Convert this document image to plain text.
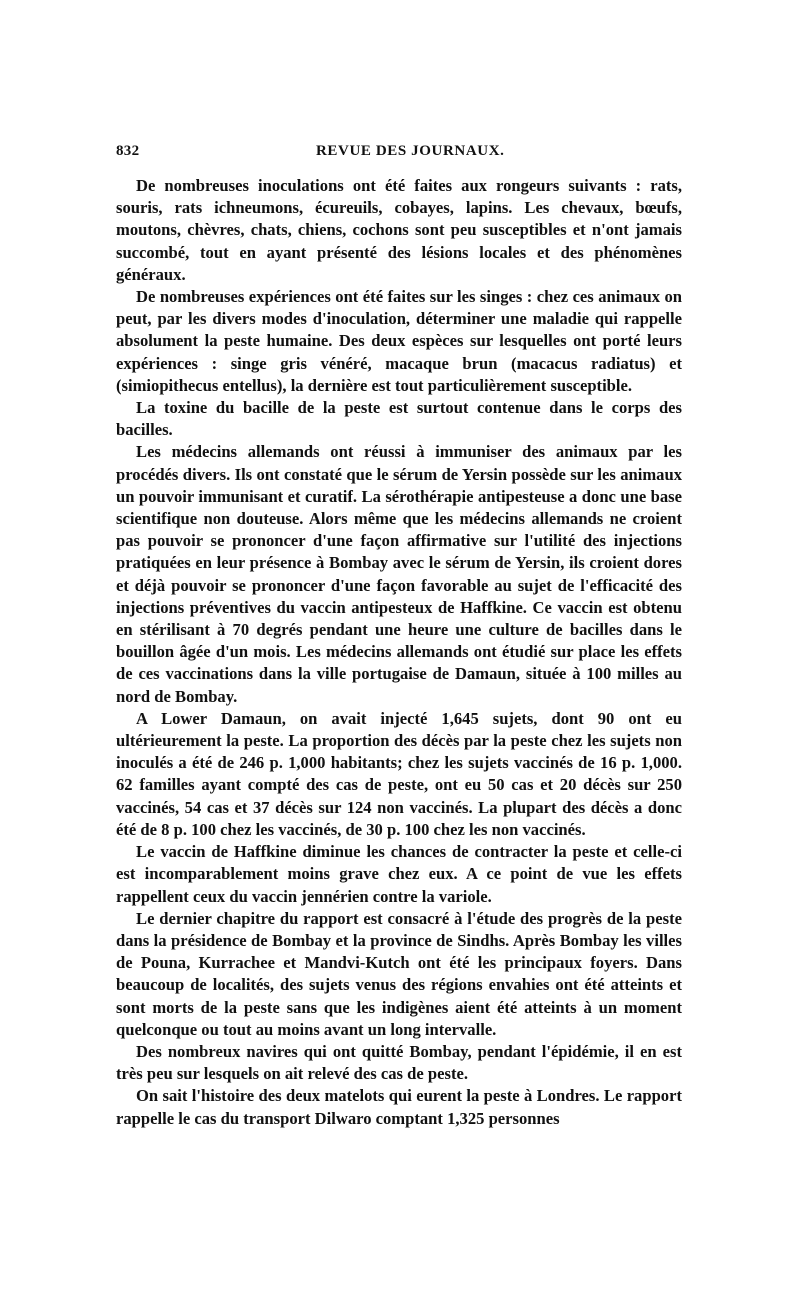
832	REVUE DES JOURNAUX.

De nombreuses inoculations ont été faites aux rongeurs suivants : rats, souris, rats ichneumons, écureuils, cobayes, lapins. Les chevaux, bœufs, moutons, chèvres, chats, chiens, cochons sont peu susceptibles et n'ont jamais succombé, tout en ayant présenté des lésions locales et des phénomènes généraux.

De nombreuses expériences ont été faites sur les singes : chez ces animaux on peut, par les divers modes d'inoculation, déterminer une maladie qui rappelle absolument la peste humaine. Des deux espèces sur lesquelles ont porté leurs expériences : singe gris vénéré, macaque brun (macacus radiatus) et (simiopithecus entellus), la dernière est tout particulièrement susceptible.

La toxine du bacille de la peste est surtout contenue dans le corps des bacilles.

Les médecins allemands ont réussi à immuniser des animaux par les procédés divers. Ils ont constaté que le sérum de Yersin possède sur les animaux un pouvoir immunisant et curatif. La sérothérapie antipesteuse a donc une base scientifique non douteuse. Alors même que les médecins allemands ne croient pas pouvoir se prononcer d'une façon affirmative sur l'utilité des injections pratiquées en leur présence à Bombay avec le sérum de Yersin, ils croient dores et déjà pouvoir se prononcer d'une façon favorable au sujet de l'efficacité des injections préventives du vaccin antipesteux de Haffkine. Ce vaccin est obtenu en stérilisant à 70 degrés pendant une heure une culture de bacilles dans le bouillon âgée d'un mois. Les médecins allemands ont étudié sur place les effets de ces vaccinations dans la ville portugaise de Damaun, située à 100 milles au nord de Bombay.

A Lower Damaun, on avait injecté 1,645 sujets, dont 90 ont eu ultérieurement la peste. La proportion des décès par la peste chez les sujets non inoculés a été de 246 p. 1,000 habitants; chez les sujets vaccinés de 16 p. 1,000. 62 familles ayant compté des cas de peste, ont eu 50 cas et 20 décès sur 250 vaccinés, 54 cas et 37 décès sur 124 non vaccinés. La plupart des décès a donc été de 8 p. 100 chez les vaccinés, de 30 p. 100 chez les non vaccinés.

Le vaccin de Haffkine diminue les chances de contracter la peste et celle-ci est incomparablement moins grave chez eux. A ce point de vue les effets rappellent ceux du vaccin jennérien contre la variole.

Le dernier chapitre du rapport est consacré à l'étude des progrès de la peste dans la présidence de Bombay et la province de Sindhs. Après Bombay les villes de Pouna, Kurrachee et Mandvi-Kutch ont été les principaux foyers. Dans beaucoup de localités, des sujets venus des régions envahies ont été atteints et sont morts de la peste sans que les indigènes aient été atteints à un moment quelconque ou tout au moins avant un long intervalle.

Des nombreux navires qui ont quitté Bombay, pendant l'épidémie, il en est très peu sur lesquels on ait relevé des cas de peste.

On sait l'histoire des deux matelots qui eurent la peste à Londres. Le rapport rappelle le cas du transport Dilwaro comptant 1,325 personnes
